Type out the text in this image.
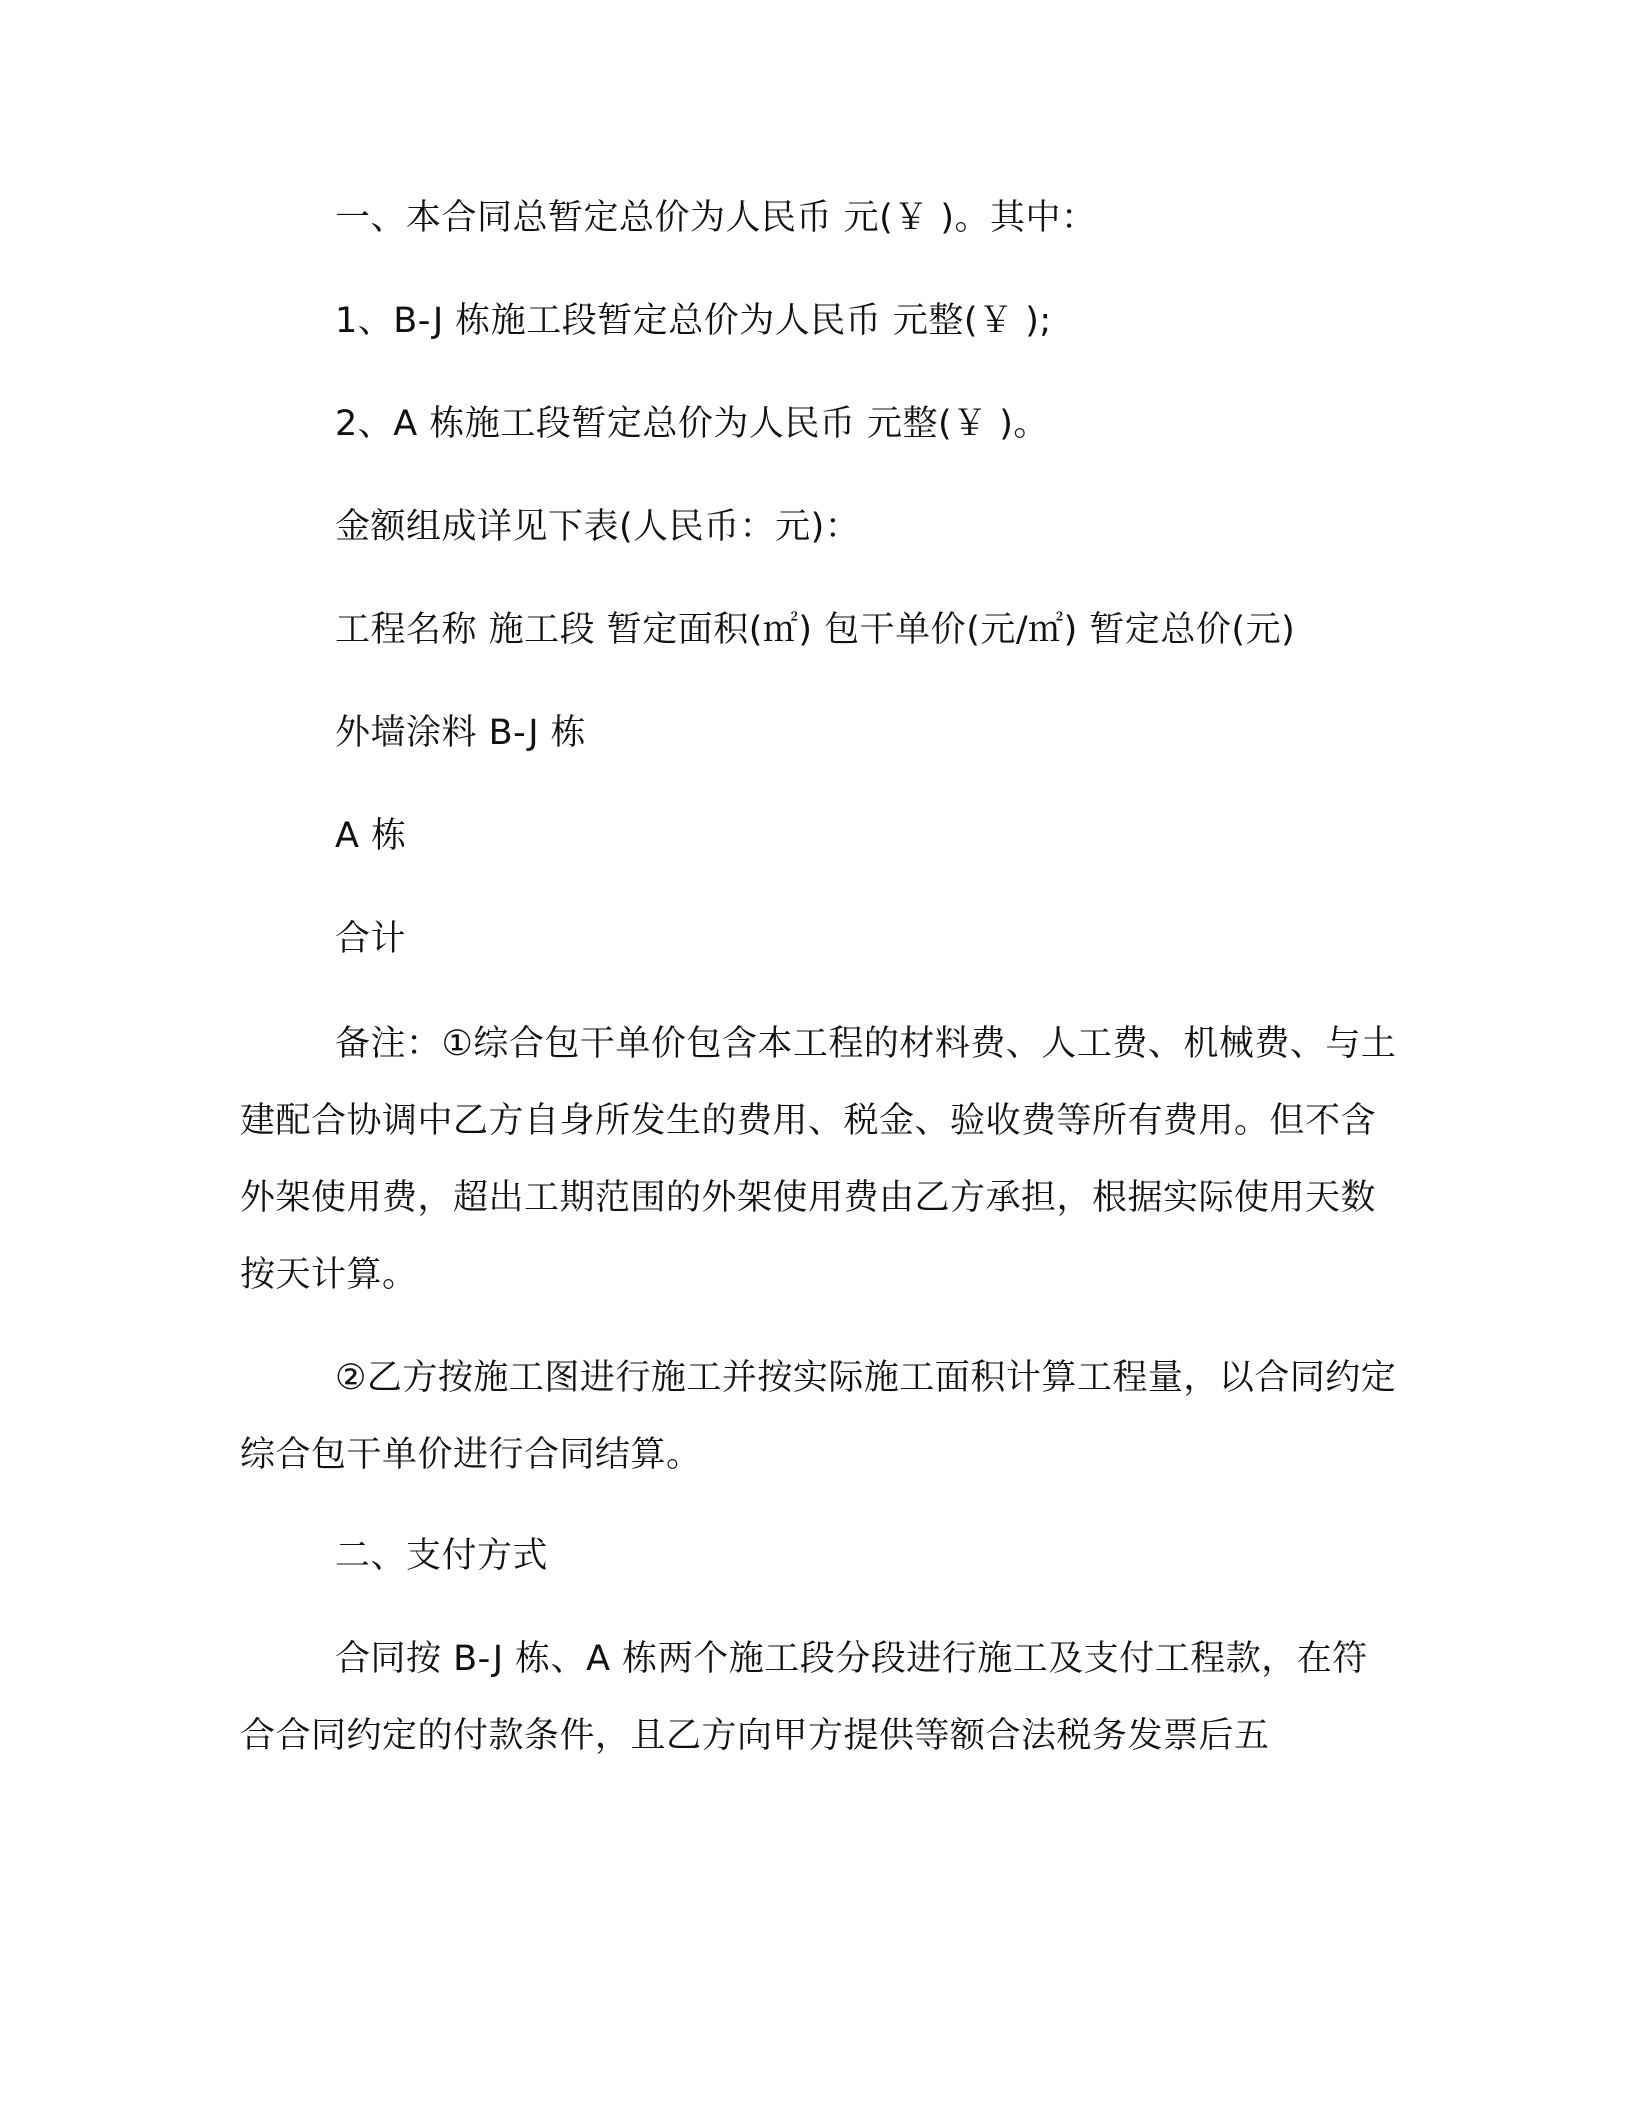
一、本合同总暂定总价为人民币 元(￥ )。其中：

1、B-J 栋施工段暂定总价为人民币 元整(￥ );

2、A 栋施工段暂定总价为人民币 元整(￥ )。

金额组成详见下表(人民币：元)：

工程名称 施工段 暂定面积(㎡) 包干单价(元/㎡) 暂定总价(元)

外墙涂料 B-J 栋

A 栋

合计

备注：①综合包干单价包含本工程的材料费、人工费、机械费、与土建配合协调中乙方自身所发生的费用、税金、验收费等所有费用。但不含外架使用费，超出工期范围的外架使用费由乙方承担，根据实际使用天数按天计算。

②乙方按施工图进行施工并按实际施工面积计算工程量，以合同约定综合包干单价进行合同结算。

二、支付方式

合同按 B-J 栋、A 栋两个施工段分段进行施工及支付工程款，在符合合同约定的付款条件，且乙方向甲方提供等额合法税务发票后五
